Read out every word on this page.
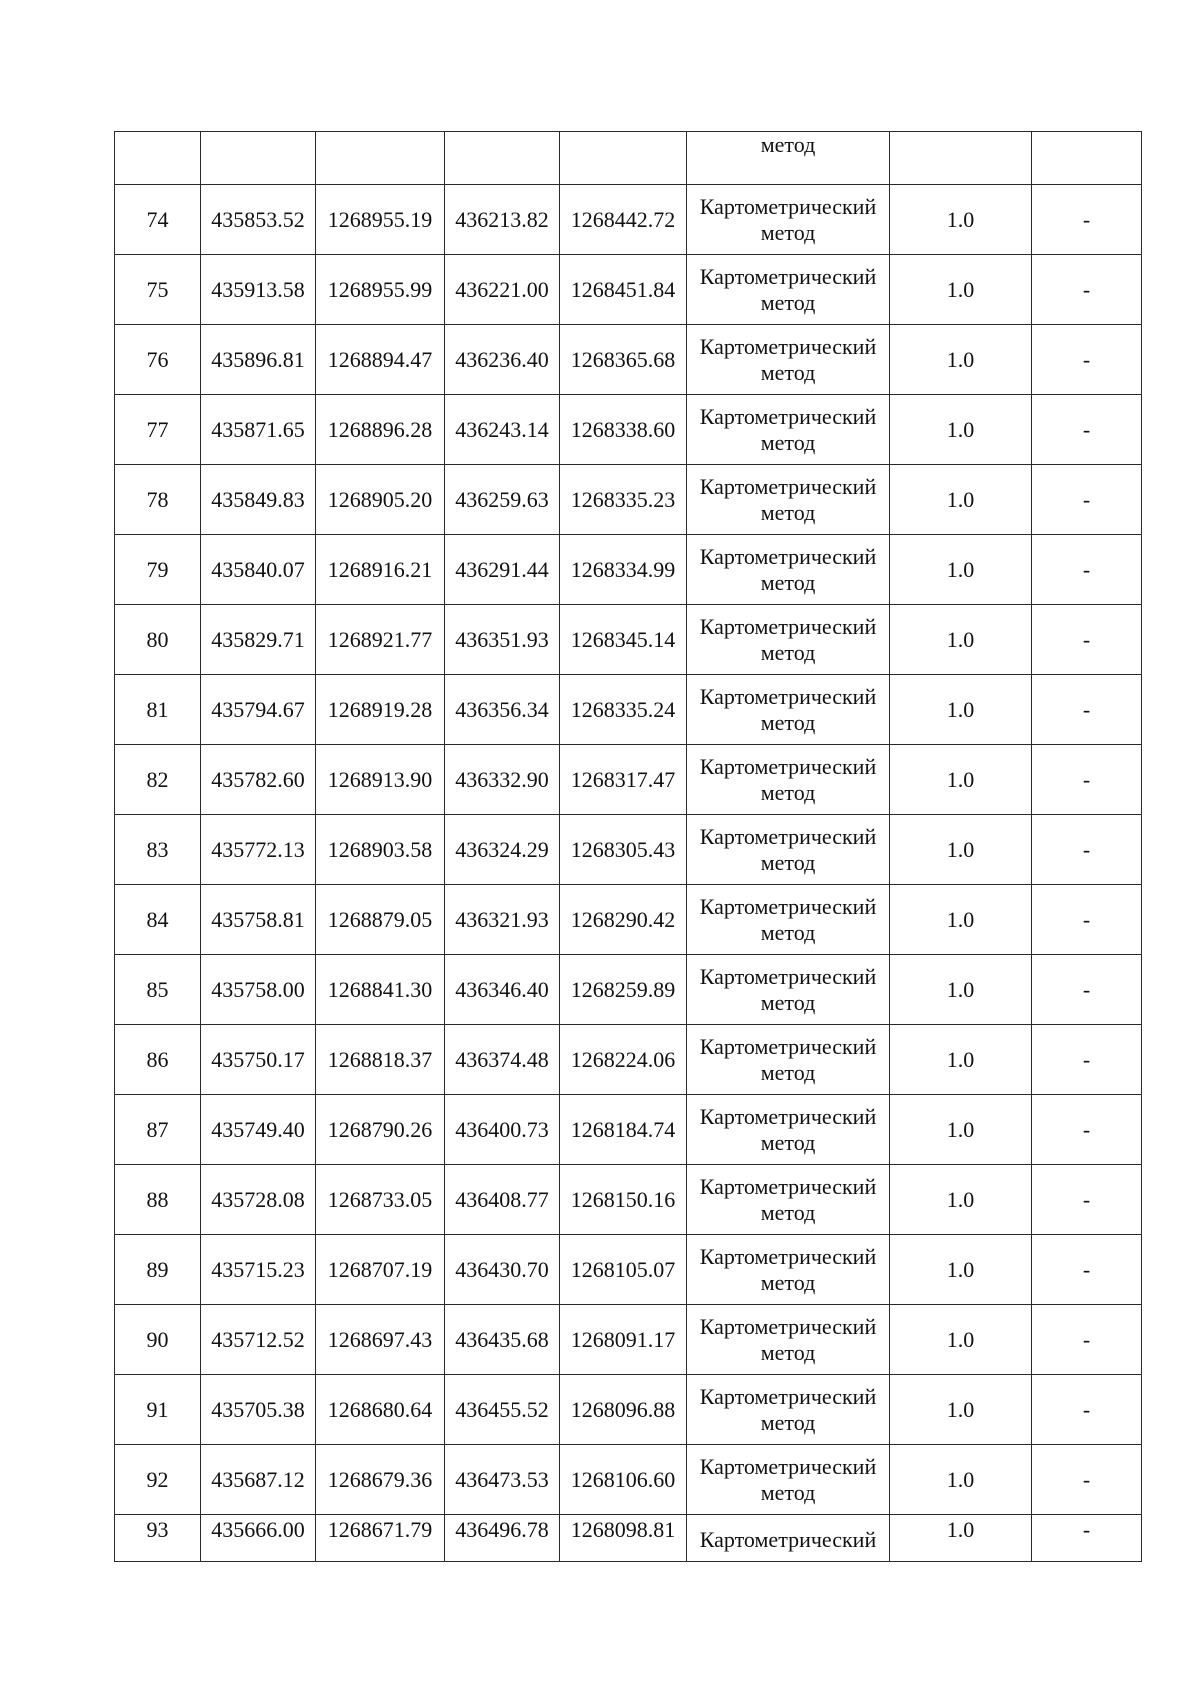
					метод		

74	435853.52	1268955.19	436213.82	1268442.72	Картометрический
метод	1.0	-
75	435913.58	1268955.99	436221.00	1268451.84	Картометрический
метод	1.0	-
76	435896.81	1268894.47	436236.40	1268365.68	Картометрический
метод	1.0	-
77	435871.65	1268896.28	436243.14	1268338.60	Картометрический
метод	1.0	-
78	435849.83	1268905.20	436259.63	1268335.23	Картометрический
метод	1.0	-
79	435840.07	1268916.21	436291.44	1268334.99	Картометрический
метод	1.0	-
80	435829.71	1268921.77	436351.93	1268345.14	Картометрический
метод	1.0	-
81	435794.67	1268919.28	436356.34	1268335.24	Картометрический
метод	1.0	-
82	435782.60	1268913.90	436332.90	1268317.47	Картометрический
метод	1.0	-
83	435772.13	1268903.58	436324.29	1268305.43	Картометрический
метод	1.0	-
84	435758.81	1268879.05	436321.93	1268290.42	Картометрический
метод	1.0	-
85	435758.00	1268841.30	436346.40	1268259.89	Картометрический
метод	1.0	-
86	435750.17	1268818.37	436374.48	1268224.06	Картометрический
метод	1.0	-
87	435749.40	1268790.26	436400.73	1268184.74	Картометрический
метод	1.0	-
88	435728.08	1268733.05	436408.77	1268150.16	Картометрический
метод	1.0	-
89	435715.23	1268707.19	436430.70	1268105.07	Картометрический
метод	1.0	-
90	435712.52	1268697.43	436435.68	1268091.17	Картометрический
метод	1.0	-
91	435705.38	1268680.64	436455.52	1268096.88	Картометрический
метод	1.0	-
92	435687.12	1268679.36	436473.53	1268106.60	Картометрический
метод	1.0	-
93	435666.00	1268671.79	436496.78	1268098.81	Картометрический	1.0	-
